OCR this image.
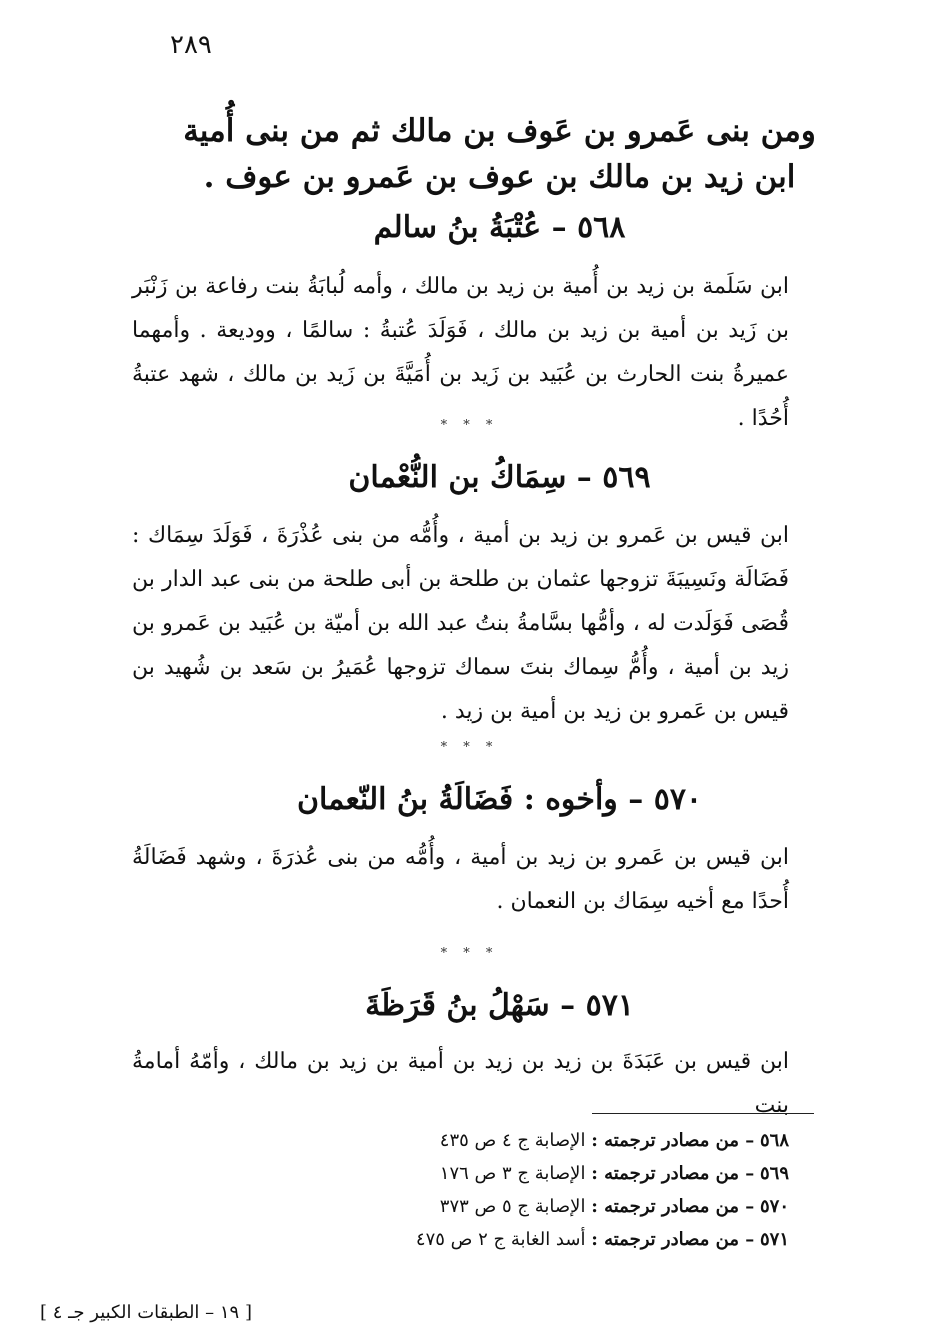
٢٨٩
ومن بنى عَمرو بن عَوف بن مالك ثم من بنى أُمية
ابن زيد بن مالك بن عوف بن عَمرو بن عوف .
٥٦٨ – عُتْبَةُ بنُ سالم
ابن سَلَمة بن زيد بن أُمية بن زيد بن مالك ، وأمه لُبابَةُ بنت رفاعة بن زَنْبَر بن زَيد بن أمية بن زيد بن مالك ، فَوَلَدَ عُتبةُ : سالمًا ، ووديعة . وأمهما عميرةُ بنت الحارث بن عُبَيد بن زَيد بن أُمَيَّةَ بن زَيد بن مالك ، شهد عتبةُ أُحُدًا .
* * *
٥٦٩ – سِمَاكُ بن النُّعْمان
ابن قيس بن عَمرو بن زيد بن أمية ، وأُمُّه من بنى عُذْرَةَ ، فَوَلَدَ سِمَاك : فَضَالَة ونَسِيبَةَ تزوجها عثمان بن طلحة بن أبى طلحة من بنى عبد الدار بن قُصَى فَوَلَدت له ، وأمُّها بسَّامةُ بنتُ عبد الله بن أميّة بن عُبَيد بن عَمرو بن زيد بن أمية ، وأُمُّ سِماك بنتَ سماك تزوجها عُمَيرُ بن سَعد بن شُهيد بن قيس بن عَمرو بن زيد بن أمية بن زيد .
* * *
٥٧٠ – وأخوه : فَضَالَةُ بنُ النّعمان
ابن قيس بن عَمرو بن زيد بن أمية ، وأُمُّه من بنى عُذرَةَ ، وشهد فَضَالَةُ أُحدًا مع أخيه سِمَاك بن النعمان .
* * *
٥٧١ – سَهْلُ بنُ قَرَظَةَ
ابن قيس بن عَبَدَةَ بن زيد بن زيد بن أمية بن زيد بن مالك ، وأمّهُ أمامةُ بنت
٥٦٨ – من مصادر ترجمته : الإصابة ج ٤ ص ٤٣٥
٥٦٩ – من مصادر ترجمته : الإصابة ج ٣ ص ١٧٦
٥٧٠ – من مصادر ترجمته : الإصابة ج ٥ ص ٣٧٣
٥٧١ – من مصادر ترجمته : أسد الغابة ج ٢ ص ٤٧٥
[ ١٩ – الطبقات الكبير جـ ٤ ]
